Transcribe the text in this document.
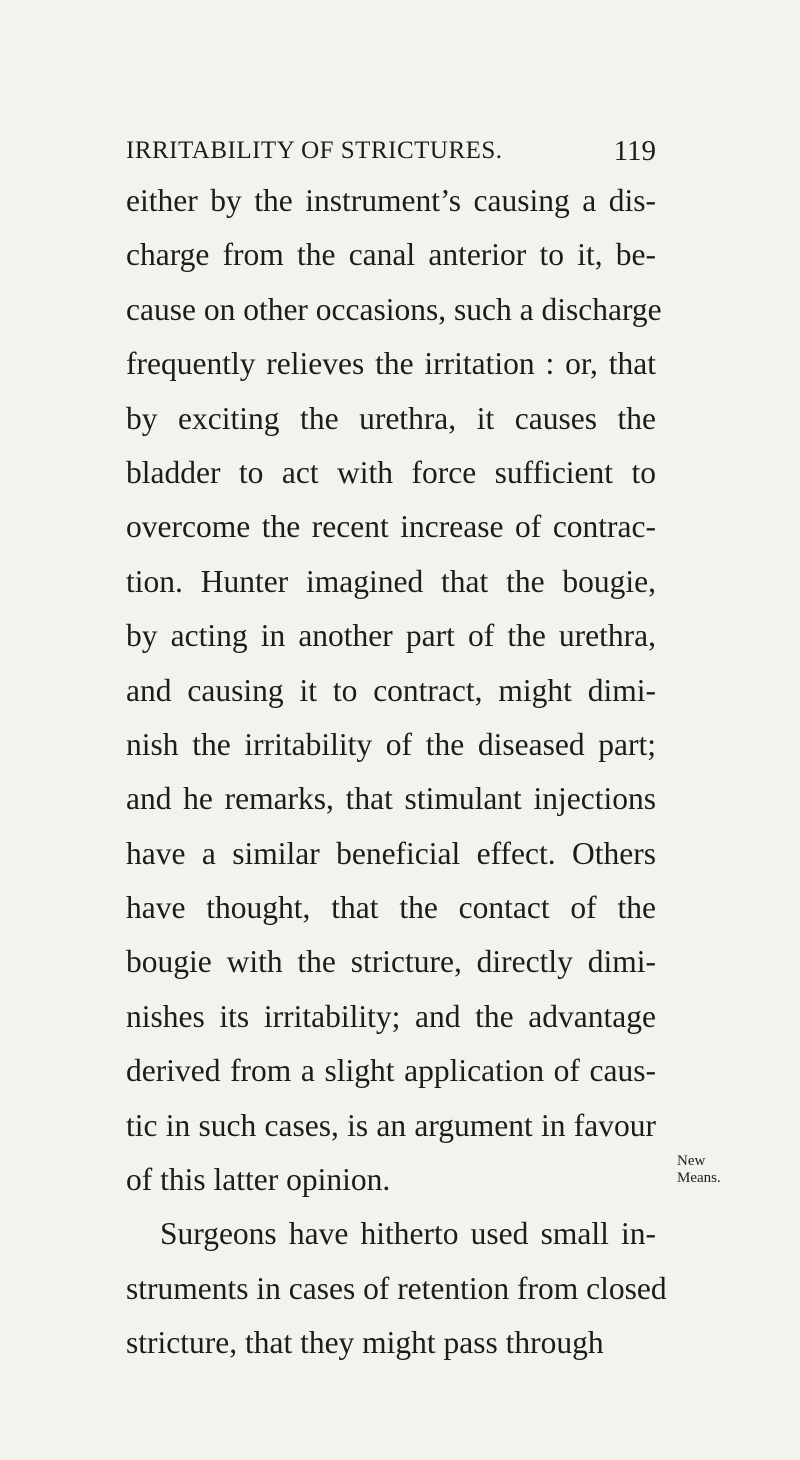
IRRITABILITY OF STRICTURES.	119
either by the instrument’s causing a dis-
charge from the canal anterior to it, be-
cause on other occasions, such a discharge
frequently relieves the irritation : or, that
by exciting the urethra, it causes the
bladder to act with force sufficient to
overcome the recent increase of contrac-
tion. Hunter imagined that the bougie,
by acting in another part of the urethra,
and causing it to contract, might dimi-
nish the irritability of the diseased part;
and he remarks, that stimulant injections
have a similar beneficial effect. Others
have thought, that the contact of the
bougie with the stricture, directly dimi-
nishes its irritability; and the advantage
derived from a slight application of caus-
tic in such cases, is an argument in favour
of this latter opinion.
Surgeons have hitherto used small in-
struments in cases of retention from closed
stricture, that they might pass through
New
Means.
